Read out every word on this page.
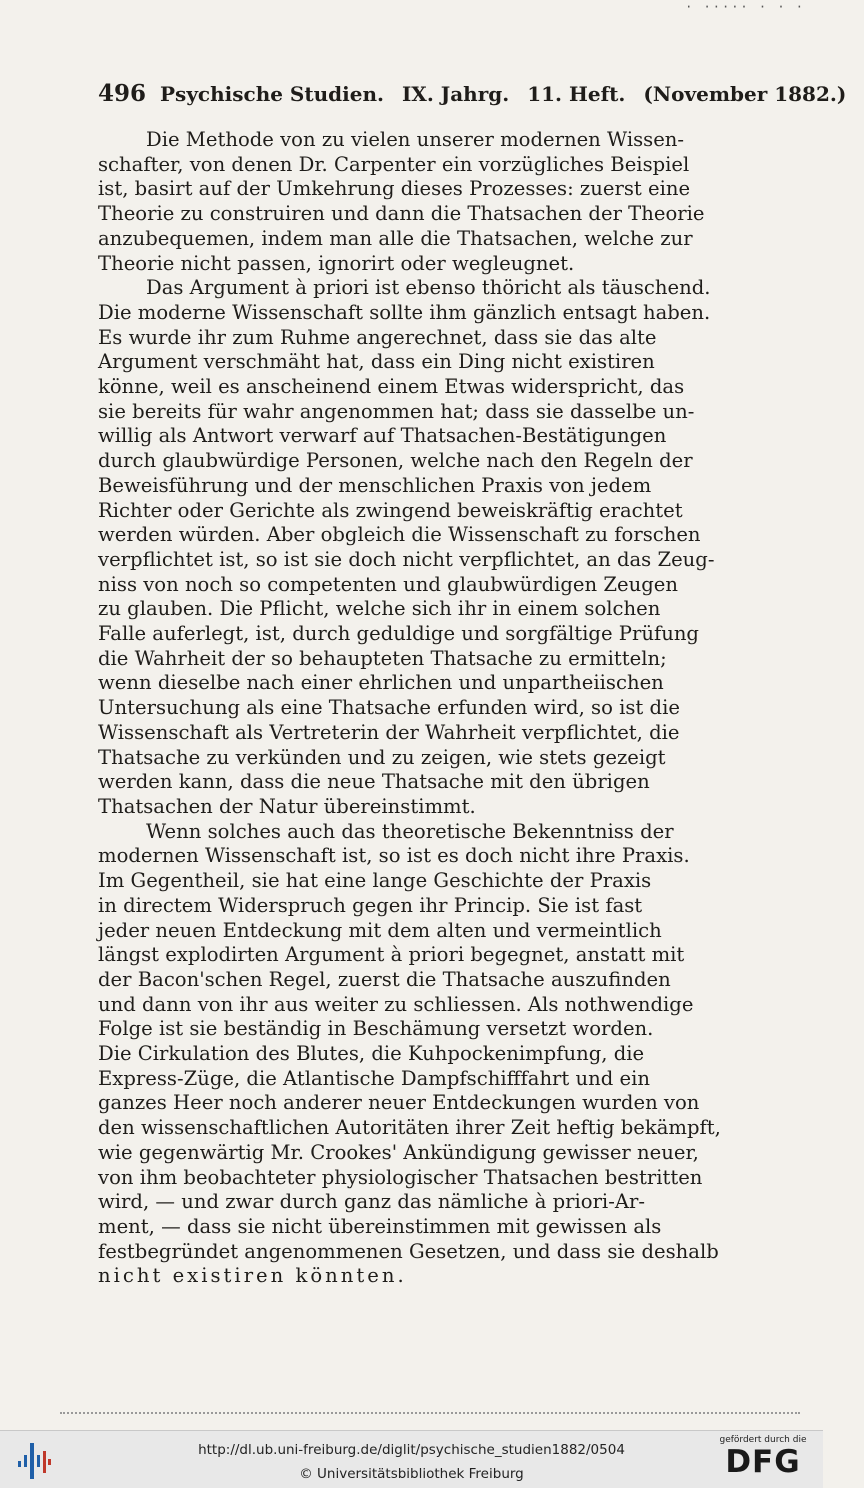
· ····· · · ·
496 Psychische Studien. IX. Jahrg. 11. Heft. (November 1882.)
Die Methode von zu vielen unserer modernen Wissen-
schafter, von denen Dr. Carpenter ein vorzügliches Beispiel
ist, basirt auf der Umkehrung dieses Prozesses: zuerst eine
Theorie zu construiren und dann die Thatsachen der Theorie
anzubequemen, indem man alle die Thatsachen, welche zur
Theorie nicht passen, ignorirt oder wegleugnet.
Das Argument à priori ist ebenso thöricht als täuschend.
Die moderne Wissenschaft sollte ihm gänzlich entsagt haben.
Es wurde ihr zum Ruhme angerechnet, dass sie das alte
Argument verschmäht hat, dass ein Ding nicht existiren
könne, weil es anscheinend einem Etwas widerspricht, das
sie bereits für wahr angenommen hat; dass sie dasselbe un-
willig als Antwort verwarf auf Thatsachen-Bestätigungen
durch glaubwürdige Personen, welche nach den Regeln der
Beweisführung und der menschlichen Praxis von jedem
Richter oder Gerichte als zwingend beweiskräftig erachtet
werden würden. Aber obgleich die Wissenschaft zu forschen
verpflichtet ist, so ist sie doch nicht verpflichtet, an das Zeug-
niss von noch so competenten und glaubwürdigen Zeugen
zu glauben. Die Pflicht, welche sich ihr in einem solchen
Falle auferlegt, ist, durch geduldige und sorgfältige Prüfung
die Wahrheit der so behaupteten Thatsache zu ermitteln;
wenn dieselbe nach einer ehrlichen und unpartheiischen
Untersuchung als eine Thatsache erfunden wird, so ist die
Wissenschaft als Vertreterin der Wahrheit verpflichtet, die
Thatsache zu verkünden und zu zeigen, wie stets gezeigt
werden kann, dass die neue Thatsache mit den übrigen
Thatsachen der Natur übereinstimmt.
Wenn solches auch das theoretische Bekenntniss der
modernen Wissenschaft ist, so ist es doch nicht ihre Praxis.
Im Gegentheil, sie hat eine lange Geschichte der Praxis
in directem Widerspruch gegen ihr Princip. Sie ist fast
jeder neuen Entdeckung mit dem alten und vermeintlich
längst explodirten Argument à priori begegnet, anstatt mit
der Bacon'schen Regel, zuerst die Thatsache auszufinden
und dann von ihr aus weiter zu schliessen. Als nothwendige
Folge ist sie beständig in Beschämung versetzt worden.
Die Cirkulation des Blutes, die Kuhpockenimpfung, die
Express-Züge, die Atlantische Dampfschifffahrt und ein
ganzes Heer noch anderer neuer Entdeckungen wurden von
den wissenschaftlichen Autoritäten ihrer Zeit heftig bekämpft,
wie gegenwärtig Mr. Crookes' Ankündigung gewisser neuer,
von ihm beobachteter physiologischer Thatsachen bestritten
wird, — und zwar durch ganz das nämliche à priori-Ar-
ment, — dass sie nicht übereinstimmen mit gewissen als
festbegründet angenommenen Gesetzen, und dass sie deshalb
nicht existiren könnten.
http://dl.ub.uni-freiburg.de/diglit/psychische_studien1882/0504
© Universitätsbibliothek Freiburg
gefördert durch die
DFG
